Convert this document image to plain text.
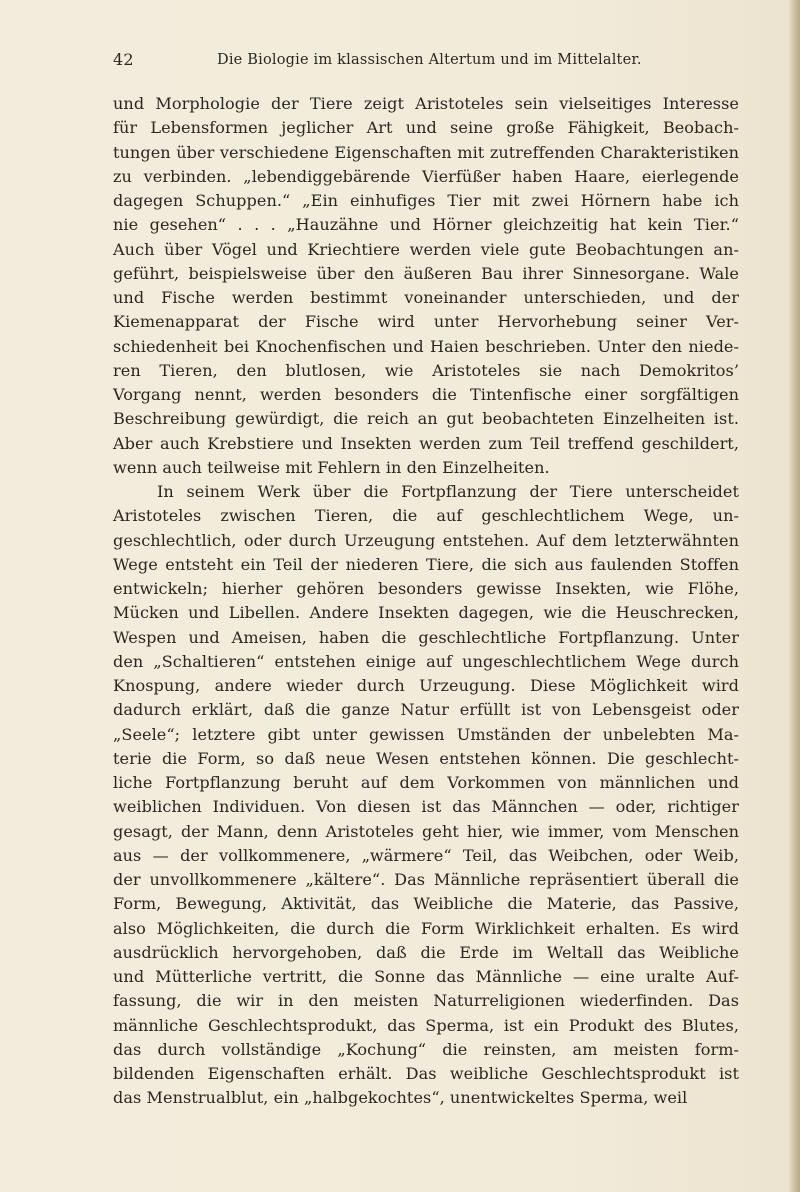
42	Die Biologie im klassischen Altertum und im Mittelalter.
und Morphologie der Tiere zeigt Aristoteles sein vielseitiges Interesse
für Lebensformen jeglicher Art und seine große Fähigkeit, Beobach-
tungen über verschiedene Eigenschaften mit zutreffenden Charakteristiken
zu verbinden. „lebendiggebärende Vierfüßer haben Haare, eierlegende
dagegen Schuppen.“ „Ein einhufiges Tier mit zwei Hörnern habe ich
nie gesehen“ . . . „Hauzähne und Hörner gleichzeitig hat kein Tier.“
Auch über Vögel und Kriechtiere werden viele gute Beobachtungen an-
geführt, beispielsweise über den äußeren Bau ihrer Sinnesorgane. Wale
und Fische werden bestimmt voneinander unterschieden, und der
Kiemenapparat der Fische wird unter Hervorhebung seiner Ver-
schiedenheit bei Knochenfischen und Haien beschrieben. Unter den niede-
ren Tieren, den blutlosen, wie Aristoteles sie nach Demokritos’
Vorgang nennt, werden besonders die Tintenfische einer sorgfältigen
Beschreibung gewürdigt, die reich an gut beobachteten Einzelheiten ist.
Aber auch Krebstiere und Insekten werden zum Teil treffend geschildert,
wenn auch teilweise mit Fehlern in den Einzelheiten.
In seinem Werk über die Fortpflanzung der Tiere unterscheidet
Aristoteles zwischen Tieren, die auf geschlechtlichem Wege, un-
geschlechtlich, oder durch Urzeugung entstehen. Auf dem letzterwähnten
Wege entsteht ein Teil der niederen Tiere, die sich aus faulenden Stoffen
entwickeln; hierher gehören besonders gewisse Insekten, wie Flöhe,
Mücken und Libellen. Andere Insekten dagegen, wie die Heuschrecken,
Wespen und Ameisen, haben die geschlechtliche Fortpflanzung. Unter
den „Schaltieren“ entstehen einige auf ungeschlechtlichem Wege durch
Knospung, andere wieder durch Urzeugung. Diese Möglichkeit wird
dadurch erklärt, daß die ganze Natur erfüllt ist von Lebensgeist oder
„Seele“; letztere gibt unter gewissen Umständen der unbelebten Ma-
terie die Form, so daß neue Wesen entstehen können. Die geschlecht-
liche Fortpflanzung beruht auf dem Vorkommen von männlichen und
weiblichen Individuen. Von diesen ist das Männchen — oder, richtiger
gesagt, der Mann, denn Aristoteles geht hier, wie immer, vom Menschen
aus — der vollkommenere, „wärmere“ Teil, das Weibchen, oder Weib,
der unvollkommenere „kältere“. Das Männliche repräsentiert überall die
Form, Bewegung, Aktivität, das Weibliche die Materie, das Passive,
also Möglichkeiten, die durch die Form Wirklichkeit erhalten. Es wird
ausdrücklich hervorgehoben, daß die Erde im Weltall das Weibliche
und Mütterliche vertritt, die Sonne das Männliche — eine uralte Auf-
fassung, die wir in den meisten Naturreligionen wiederfinden. Das
männliche Geschlechtsprodukt, das Sperma, ist ein Produkt des Blutes,
das durch vollständige „Kochung“ die reinsten, am meisten form-
bildenden Eigenschaften erhält. Das weibliche Geschlechtsprodukt ist
das Menstrualblut, ein „halbgekochtes“, unentwickeltes Sperma, weil
